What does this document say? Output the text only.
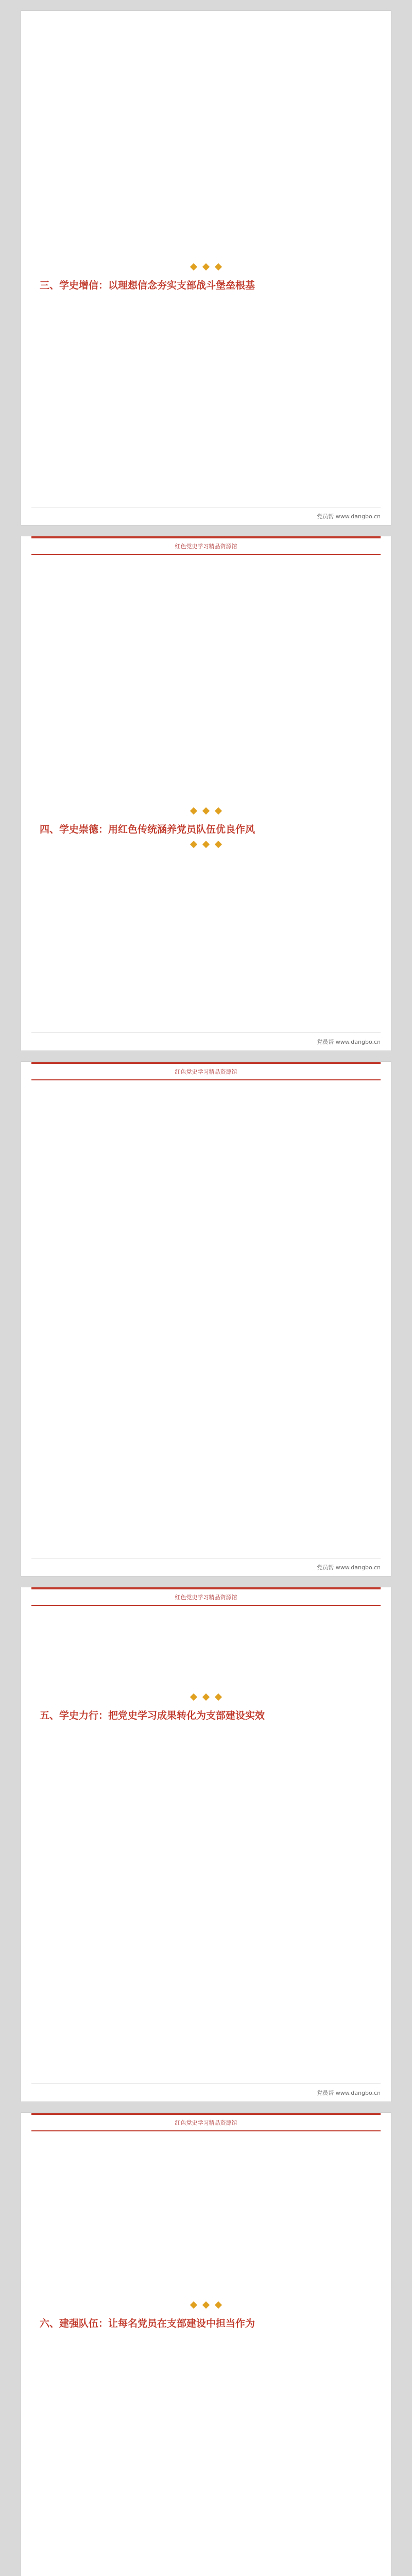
三、学史增信：以理想信念夯实支部战斗堡垒根基

党员帮 www.dangbo.cn
红色党史学习精品资源馆

四、学史崇德：用红色传统涵养党员队伍优良作风
党员帮 www.dangbo.cn
红色党史学习精品资源馆

党员帮 www.dangbo.cn
红色党史学习精品资源馆

五、学史力行：把党史学习成果转化为支部建设实效

党员帮 www.dangbo.cn
红色党史学习精品资源馆

六、建强队伍：让每名党员在支部建设中担当作为
